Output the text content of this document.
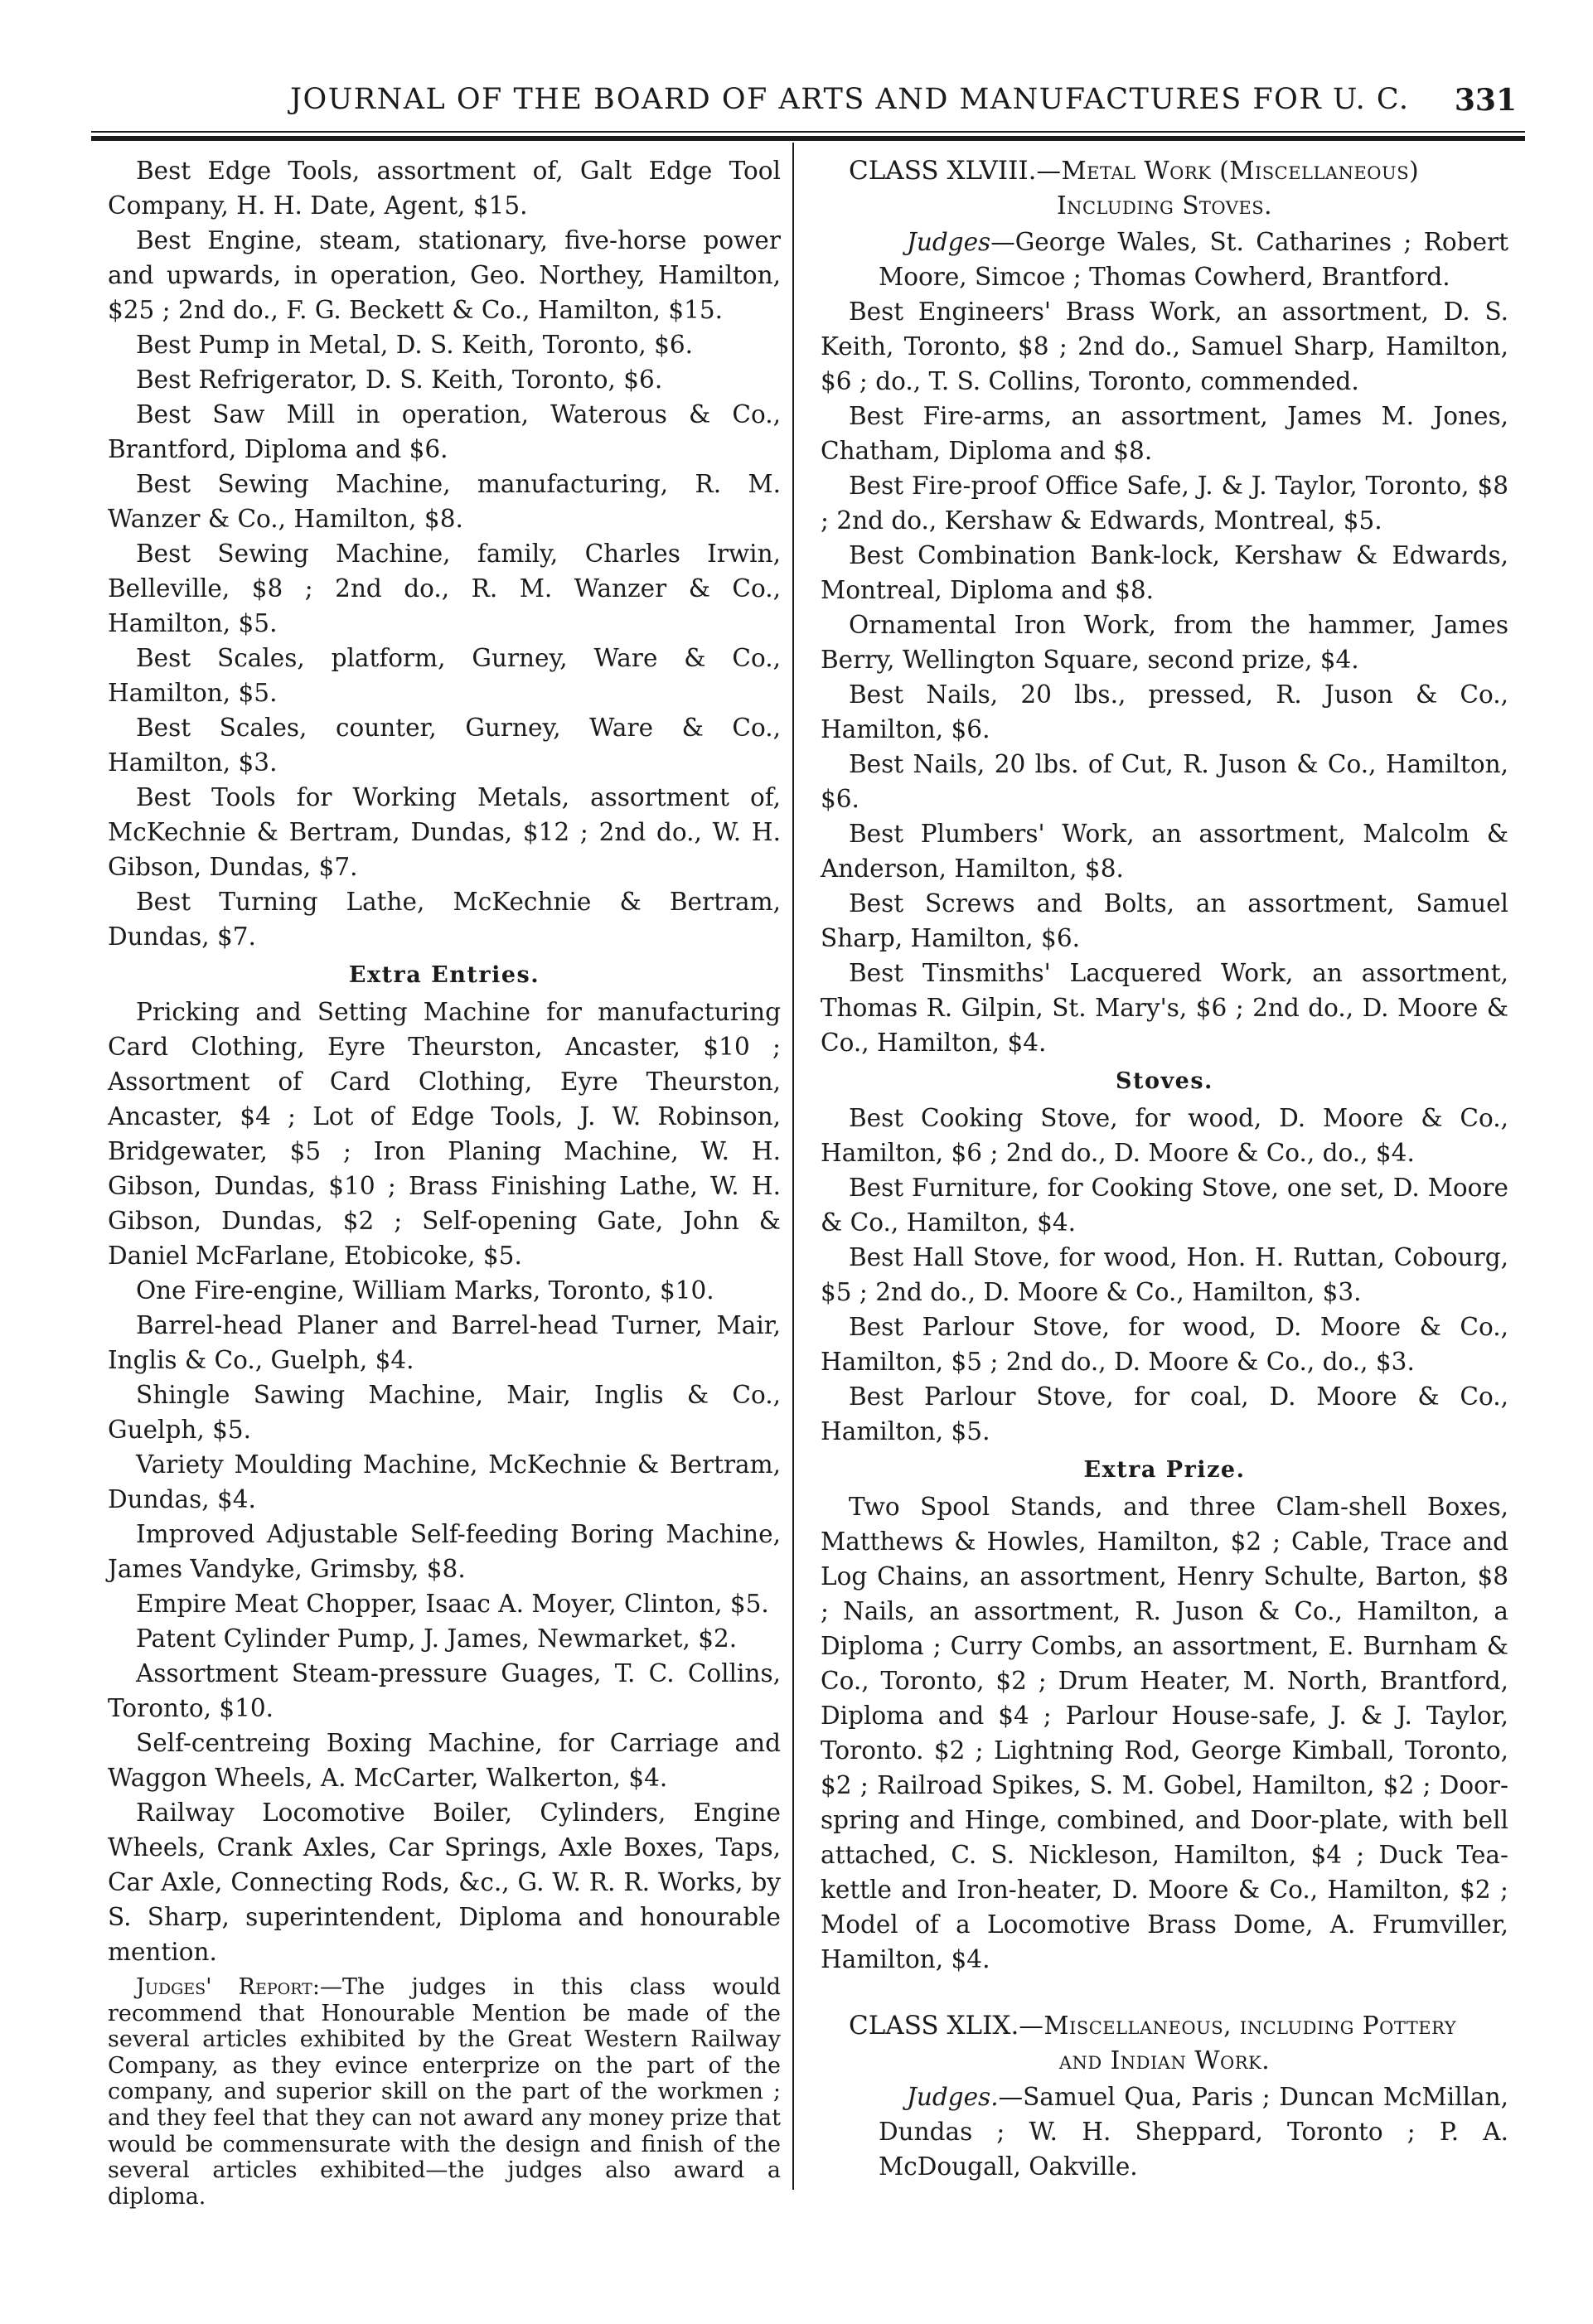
JOURNAL OF THE BOARD OF ARTS AND MANUFACTURES FOR U. C. 331

Best Edge Tools, assortment of, Galt Edge Tool Company, H. H. Date, Agent, $15.

Best Engine, steam, stationary, five-horse power and upwards, in operation, Geo. Northey, Hamilton, $25 ; 2nd do., F. G. Beckett & Co., Hamilton, $15.

Best Pump in Metal, D. S. Keith, Toronto, $6.

Best Refrigerator, D. S. Keith, Toronto, $6.

Best Saw Mill in operation, Waterous & Co., Brantford, Diploma and $6.

Best Sewing Machine, manufacturing, R. M. Wanzer & Co., Hamilton, $8.

Best Sewing Machine, family, Charles Irwin, Belleville, $8 ; 2nd do., R. M. Wanzer & Co., Hamilton, $5.

Best Scales, platform, Gurney, Ware & Co., Hamilton, $5.

Best Scales, counter, Gurney, Ware & Co., Hamilton, $3.

Best Tools for Working Metals, assortment of, McKechnie & Bertram, Dundas, $12 ; 2nd do., W. H. Gibson, Dundas, $7.

Best Turning Lathe, McKechnie & Bertram, Dundas, $7.

Extra Entries.

Pricking and Setting Machine for manufacturing Card Clothing, Eyre Theurston, Ancaster, $10 ; Assortment of Card Clothing, Eyre Theurston, Ancaster, $4 ; Lot of Edge Tools, J. W. Robinson, Bridgewater, $5 ; Iron Planing Machine, W. H. Gibson, Dundas, $10 ; Brass Finishing Lathe, W. H. Gibson, Dundas, $2 ; Self-opening Gate, John & Daniel McFarlane, Etobicoke, $5.

One Fire-engine, William Marks, Toronto, $10.

Barrel-head Planer and Barrel-head Turner, Mair, Inglis & Co., Guelph, $4.

Shingle Sawing Machine, Mair, Inglis & Co., Guelph, $5.

Variety Moulding Machine, McKechnie & Bertram, Dundas, $4.

Improved Adjustable Self-feeding Boring Machine, James Vandyke, Grimsby, $8.

Empire Meat Chopper, Isaac A. Moyer, Clinton, $5.

Patent Cylinder Pump, J. James, Newmarket, $2.

Assortment Steam-pressure Guages, T. C. Collins, Toronto, $10.

Self-centreing Boxing Machine, for Carriage and Waggon Wheels, A. McCarter, Walkerton, $4.

Railway Locomotive Boiler, Cylinders, Engine Wheels, Crank Axles, Car Springs, Axle Boxes, Taps, Car Axle, Connecting Rods, &c., G. W. R. R. Works, by S. Sharp, superintendent, Diploma and honourable mention.

Judges' Report:—The judges in this class would recommend that Honourable Mention be made of the several articles exhibited by the Great Western Railway Company, as they evince enterprize on the part of the company, and superior skill on the part of the workmen ; and they feel that they can not award any money prize that would be commensurate with the design and finish of the several articles exhibited—the judges also award a diploma.

CLASS XLVIII.—Metal Work (Miscellaneous)

Including Stoves.

Judges—George Wales, St. Catharines ; Robert Moore, Simcoe ; Thomas Cowherd, Brantford.

Best Engineers' Brass Work, an assortment, D. S. Keith, Toronto, $8 ; 2nd do., Samuel Sharp, Hamilton, $6 ; do., T. S. Collins, Toronto, commended.

Best Fire-arms, an assortment, James M. Jones, Chatham, Diploma and $8.

Best Fire-proof Office Safe, J. & J. Taylor, Toronto, $8 ; 2nd do., Kershaw & Edwards, Montreal, $5.

Best Combination Bank-lock, Kershaw & Edwards, Montreal, Diploma and $8.

Ornamental Iron Work, from the hammer, James Berry, Wellington Square, second prize, $4.

Best Nails, 20 lbs., pressed, R. Juson & Co., Hamilton, $6.

Best Nails, 20 lbs. of Cut, R. Juson & Co., Hamilton, $6.

Best Plumbers' Work, an assortment, Malcolm & Anderson, Hamilton, $8.

Best Screws and Bolts, an assortment, Samuel Sharp, Hamilton, $6.

Best Tinsmiths' Lacquered Work, an assortment, Thomas R. Gilpin, St. Mary's, $6 ; 2nd do., D. Moore & Co., Hamilton, $4.

Stoves.

Best Cooking Stove, for wood, D. Moore & Co., Hamilton, $6 ; 2nd do., D. Moore & Co., do., $4.

Best Furniture, for Cooking Stove, one set, D. Moore & Co., Hamilton, $4.

Best Hall Stove, for wood, Hon. H. Ruttan, Cobourg, $5 ; 2nd do., D. Moore & Co., Hamilton, $3.

Best Parlour Stove, for wood, D. Moore & Co., Hamilton, $5 ; 2nd do., D. Moore & Co., do., $3.

Best Parlour Stove, for coal, D. Moore & Co., Hamilton, $5.

Extra Prize.

Two Spool Stands, and three Clam-shell Boxes, Matthews & Howles, Hamilton, $2 ; Cable, Trace and Log Chains, an assortment, Henry Schulte, Barton, $8 ; Nails, an assortment, R. Juson & Co., Hamilton, a Diploma ; Curry Combs, an assortment, E. Burnham & Co., Toronto, $2 ; Drum Heater, M. North, Brantford, Diploma and $4 ; Parlour House-safe, J. & J. Taylor, Toronto. $2 ; Lightning Rod, George Kimball, Toronto, $2 ; Railroad Spikes, S. M. Gobel, Hamilton, $2 ; Door-spring and Hinge, combined, and Door-plate, with bell attached, C. S. Nickleson, Hamilton, $4 ; Duck Tea-kettle and Iron-heater, D. Moore & Co., Hamilton, $2 ; Model of a Locomotive Brass Dome, A. Frumviller, Hamilton, $4.

CLASS XLIX.—Miscellaneous, including Pottery

and Indian Work.

Judges.—Samuel Qua, Paris ; Duncan McMillan, Dundas ; W. H. Sheppard, Toronto ; P. A. McDougall, Oakville.
